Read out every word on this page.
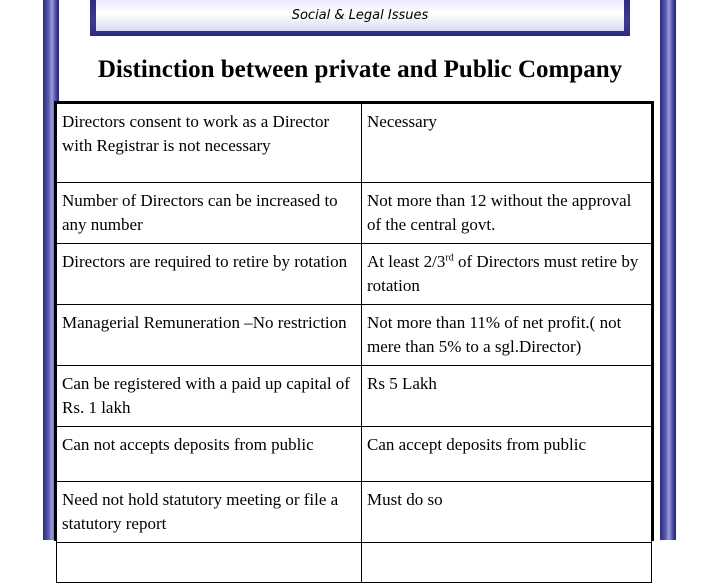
Social & Legal Issues
Distinction between private and Public Company
Directors consent to work as a Director with Registrar is not necessary	Necessary
Number of Directors can be increased to any number	Not more than 12 without the approval of the central govt.
Directors are required to retire by rotation	At least 2/3rd of Directors must retire by rotation
Managerial Remuneration –No restriction	Not more than 11% of net profit.( not mere than 5% to a sgl.Director)
Can be registered with a paid up capital of Rs. 1 lakh	Rs 5 Lakh
Can not accepts deposits from public	Can accept deposits from public
Need not hold statutory meeting or file a statutory report	Must do so
